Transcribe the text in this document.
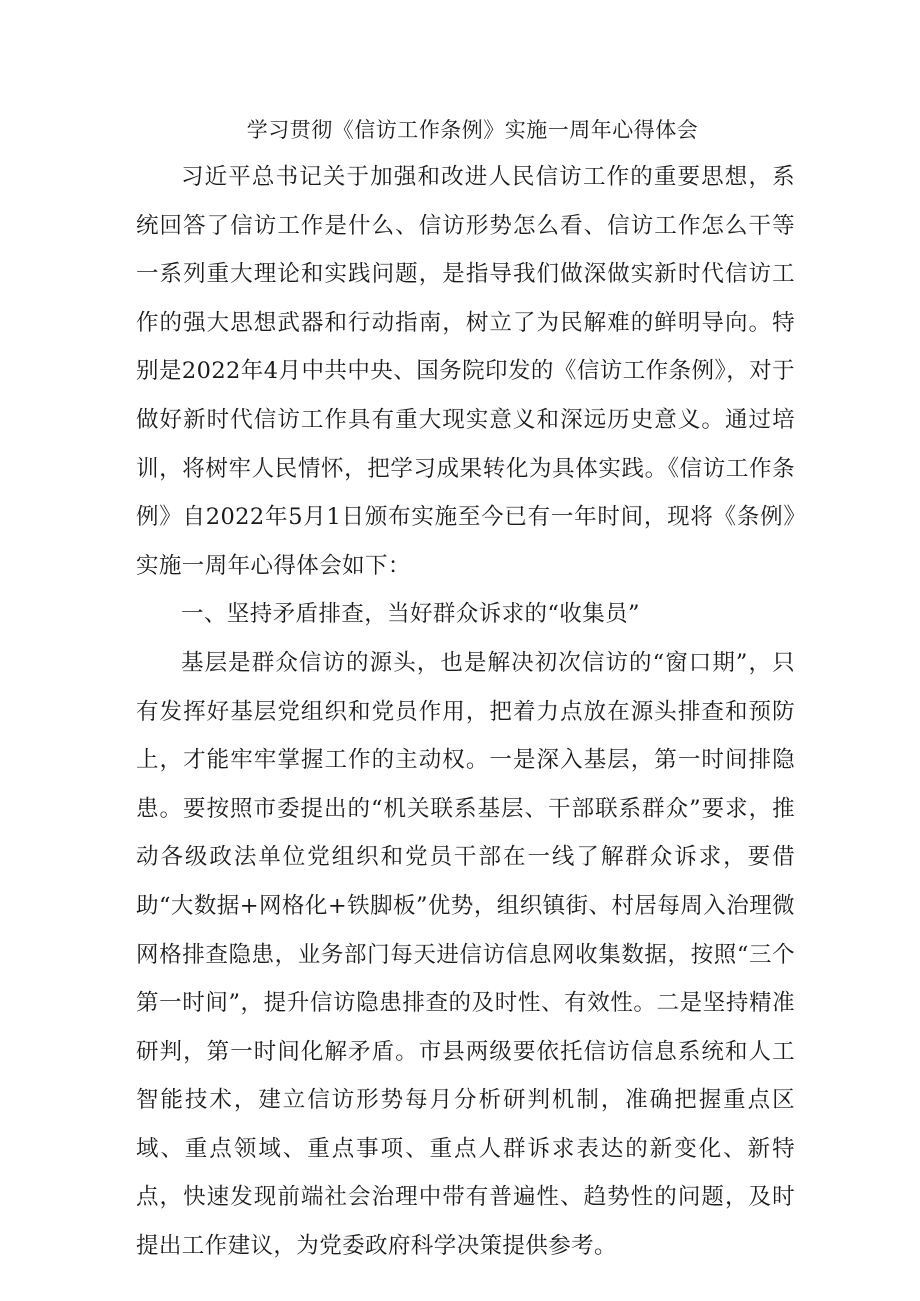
学习贯彻《信访工作条例》实施一周年心得体会

习近平总书记关于加强和改进人民信访工作的重要思想，系统回答了信访工作是什么、信访形势怎么看、信访工作怎么干等一系列重大理论和实践问题，是指导我们做深做实新时代信访工作的强大思想武器和行动指南，树立了为民解难的鲜明导向。特别是2022年4月中共中央、国务院印发的《信访工作条例》，对于做好新时代信访工作具有重大现实意义和深远历史意义。通过培训，将树牢人民情怀，把学习成果转化为具体实践。《信访工作条例》自2022年5月1日颁布实施至今已有一年时间，现将《条例》实施一周年心得体会如下：

一、坚持矛盾排查，当好群众诉求的“收集员”

基层是群众信访的源头，也是解决初次信访的“窗口期”，只有发挥好基层党组织和党员作用，把着力点放在源头排查和预防上，才能牢牢掌握工作的主动权。一是深入基层，第一时间排隐患。要按照市委提出的“机关联系基层、干部联系群众”要求，推动各级政法单位党组织和党员干部在一线了解群众诉求，要借助“大数据+网格化+铁脚板”优势，组织镇街、村居每周入治理微网格排查隐患，业务部门每天进信访信息网收集数据，按照“三个第一时间”，提升信访隐患排查的及时性、有效性。二是坚持精准研判，第一时间化解矛盾。市县两级要依托信访信息系统和人工智能技术，建立信访形势每月分析研判机制，准确把握重点区域、重点领域、重点事项、重点人群诉求表达的新变化、新特点，快速发现前端社会治理中带有普遍性、趋势性的问题，及时提出工作建议，为党委政府科学决策提供参考。
